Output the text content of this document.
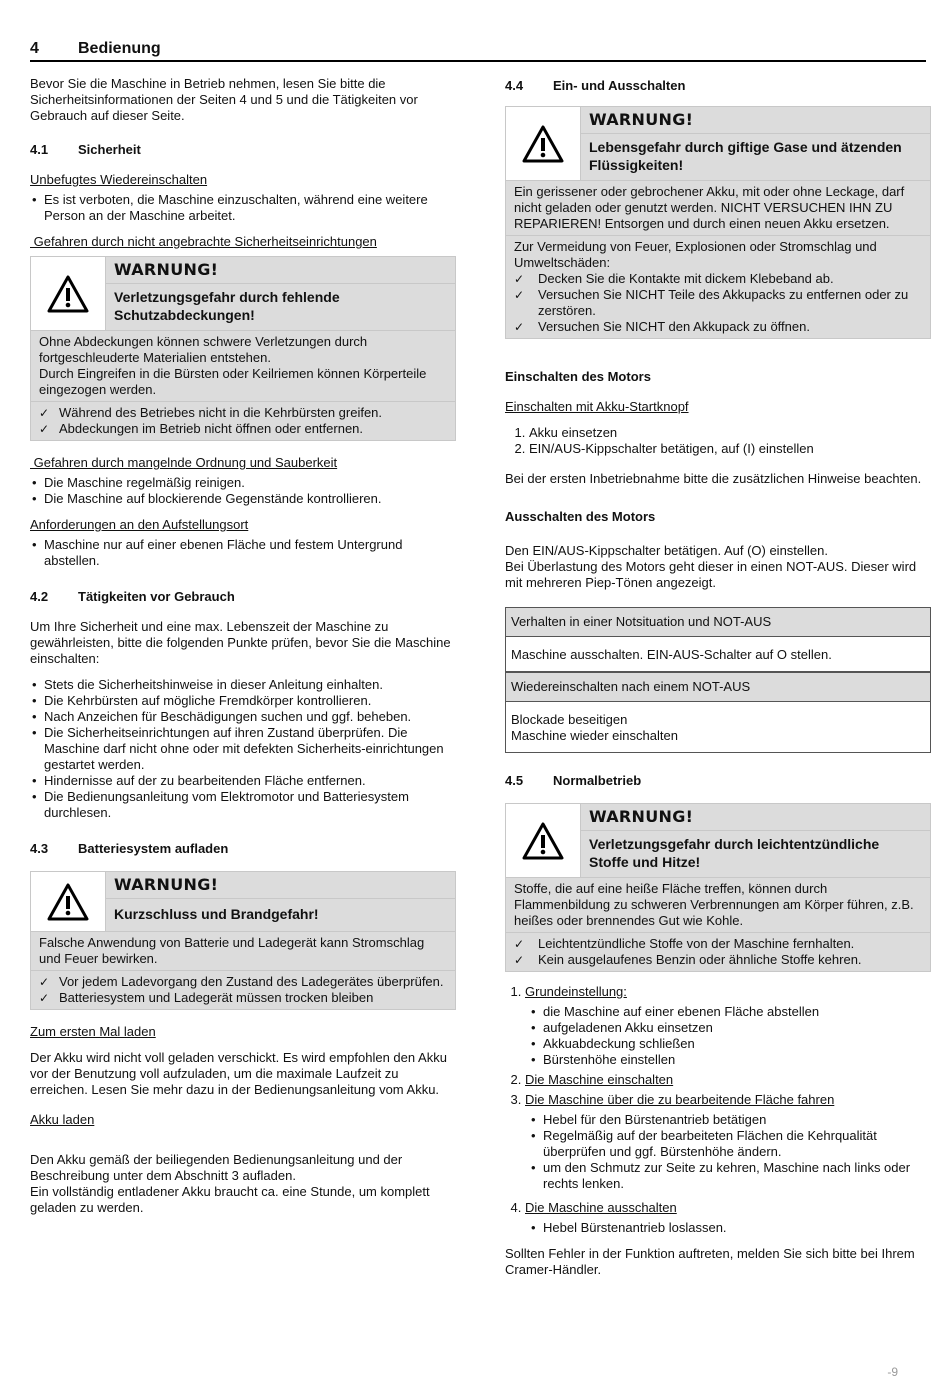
4 Bedienung

Bevor Sie die Maschine in Betrieb nehmen, lesen Sie bitte die Sicherheitsinformationen der Seiten 4 und 5 und die Tätigkeiten vor Gebrauch auf dieser Seite.

4.1 Sicherheit

Unbefugtes Wiedereinschalten

• Es ist verboten, die Maschine einzuschalten, während eine weitere Person an der Maschine arbeitet.

Gefahren durch nicht angebrachte Sicherheitseinrichtungen

WARNUNG!
Verletzungsgefahr durch fehlende Schutzabdeckungen!

Ohne Abdeckungen können schwere Verletzungen durch fortgeschleuderte Materialien entstehen.

Durch Eingreifen in die Bürsten oder Keilriemen können Körperteile eingezogen werden.

✓ Während des Betriebes nicht in die Kehrbürsten greifen.
✓ Abdeckungen im Betrieb nicht öffnen oder entfernen.

Gefahren durch mangelnde Ordnung und Sauberkeit

• Die Maschine regelmäßig reinigen.
• Die Maschine auf blockierende Gegenstände kontrollieren.

Anforderungen an den Aufstellungsort

• Maschine nur auf einer ebenen Fläche und festem Untergrund abstellen.
4.2 Tätigkeiten vor Gebrauch

Um Ihre Sicherheit und eine max. Lebenszeit der Maschine zu gewährleisten, bitte die folgenden Punkte prüfen, bevor Sie die Maschine einschalten:

• Stets die Sicherheitshinweise in dieser Anleitung einhalten.
• Die Kehrbürsten auf mögliche Fremdkörper kontrollieren.
• Nach Anzeichen für Beschädigungen suchen und ggf. beheben.
• Die Sicherheitseinrichtungen auf ihren Zustand überprüfen. Die Maschine darf nicht ohne oder mit defekten Sicherheits-einrichtungen gestartet werden.
• Hindernisse auf der zu bearbeitenden Fläche entfernen.
• Die Bedienungsanleitung vom Elektromotor und Batteriesystem durchlesen.
4.3 Batteriesystem aufladen
WARNUNG!
Kurzschluss und Brandgefahr!

Falsche Anwendung von Batterie und Ladegerät kann Stromschlag und Feuer bewirken.

✓ Vor jedem Ladevorgang den Zustand des Ladegerätes überprüfen.
✓ Batteriesystem und Ladegerät müssen trocken bleiben

Zum ersten Mal laden

Der Akku wird nicht voll geladen verschickt. Es wird empfohlen den Akku vor der Benutzung voll aufzuladen, um die maximale Laufzeit zu erreichen. Lesen Sie mehr dazu in der Bedienungsanleitung vom Akku.

Akku laden

Den Akku gemäß der beiliegenden Bedienungsanleitung und der Beschreibung unter dem Abschnitt 3 aufladen.

Ein vollständig entladener Akku braucht ca. eine Stunde, um komplett geladen zu werden.

4.4 Ein- und Ausschalten
WARNUNG!
Lebensgefahr durch giftige Gase und ätzenden Flüssigkeiten!

Ein gerissener oder gebrochener Akku, mit oder ohne Leckage, darf nicht geladen oder genutzt werden. NICHT VERSUCHEN IHN ZU REPARIEREN! Entsorgen und durch einen neuen Akku ersetzen.

Zur Vermeidung von Feuer, Explosionen oder Stromschlag und Umweltschäden:

✓ Decken Sie die Kontakte mit dickem Klebeband ab.
✓ Versuchen Sie NICHT Teile des Akkupacks zu entfernen oder zu zerstören.
✓ Versuchen Sie NICHT den Akkupack zu öffnen.
Einschalten des Motors

Einschalten mit Akku-Startknopf

1. Akku einsetzen
2. EIN/AUS-Kippschalter betätigen, auf (I) einstellen

Bei der ersten Inbetriebnahme bitte die zusätzlichen Hinweise beachten.

Ausschalten des Motors

Den EIN/AUS-Kippschalter betätigen. Auf (O) einstellen.

Bei Überlastung des Motors geht dieser in einen NOT-AUS. Dieser wird mit mehreren Piep-Tönen angezeigt.

Verhalten in einer Notsituation und NOT-AUS
Maschine ausschalten. EIN-AUS-Schalter auf O stellen.
Wiedereinschalten nach einem NOT-AUS

Blockade beseitigen

Maschine wieder einschalten

4.5 Normalbetrieb
WARNUNG!
Verletzungsgefahr durch leichtentzündliche Stoffe und Hitze!

Stoffe, die auf eine heiße Fläche treffen, können durch Flammenbildung zu schweren Verbrennungen am Körper führen, z.B. heißes oder brennendes Gut wie Kohle.

✓ Leichtentzündliche Stoffe von der Maschine fernhalten.
✓ Kein ausgelaufenes Benzin oder ähnliche Stoffe kehren.
1. Grundeinstellung:
• die Maschine auf einer ebenen Fläche abstellen
• aufgeladenen Akku einsetzen
• Akkuabdeckung schließen
• Bürstenhöhe einstellen
2. Die Maschine einschalten
3. Die Maschine über die zu bearbeitende Fläche fahren
• Hebel für den Bürstenantrieb betätigen
• Regelmäßig auf der bearbeiteten Flächen die Kehrqualität überprüfen und ggf. Bürstenhöhe ändern.
• um den Schmutz zur Seite zu kehren, Maschine nach links oder rechts lenken.
4. Die Maschine ausschalten
• Hebel Bürstenantrieb loslassen.

Sollten Fehler in der Funktion auftreten, melden Sie sich bitte bei Ihrem Cramer-Händler.

-9
